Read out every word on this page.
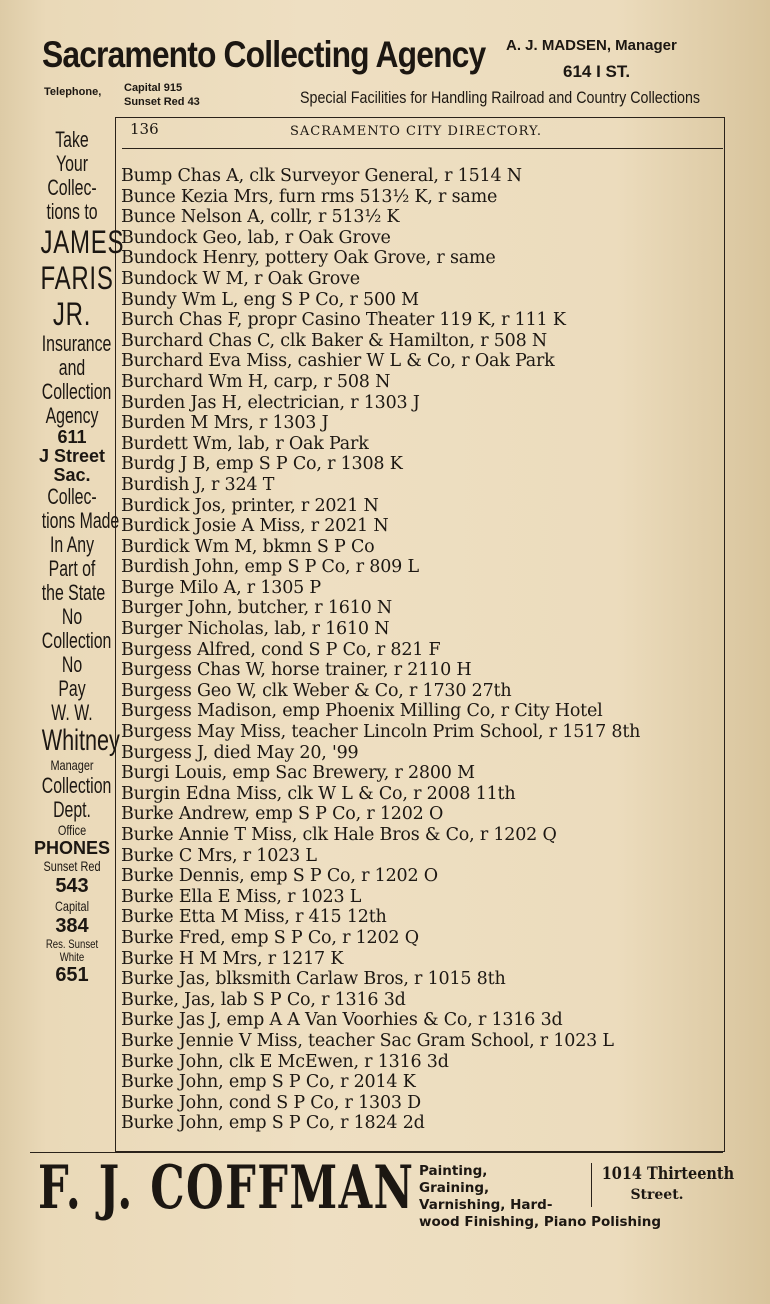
Sacramento Collecting Agency
Telephone, Capital 915
Sunset Red 43
A. J. MADSEN, Manager
614 I ST.
Special Facilities for Handling Railroad and Country Collections
136	SACRAMENTO CITY DIRECTORY.
Bump Chas A, clk Surveyor General, r 1514 N
Bunce Kezia Mrs, furn rms 513½ K, r same
Bunce Nelson A, collr, r 513½ K
Bundock Geo, lab, r Oak Grove
Bundock Henry, pottery Oak Grove, r same
Bundock W M, r Oak Grove
Bundy Wm L, eng S P Co, r 500 M
Burch Chas F, propr Casino Theater 119 K, r 111 K
Burchard Chas C, clk Baker & Hamilton, r 508 N
Burchard Eva Miss, cashier W L & Co, r Oak Park
Burchard Wm H, carp, r 508 N
Burden Jas H, electrician, r 1303 J
Burden M Mrs, r 1303 J
Burdett Wm, lab, r Oak Park
Burdg J B, emp S P Co, r 1308 K
Burdish J, r 324 T
Burdick Jos, printer, r 2021 N
Burdick Josie A Miss, r 2021 N
Burdick Wm M, bkmn S P Co
Burdish John, emp S P Co, r 809 L
Burge Milo A, r 1305 P
Burger John, butcher, r 1610 N
Burger Nicholas, lab, r 1610 N
Burgess Alfred, cond S P Co, r 821 F
Burgess Chas W, horse trainer, r 2110 H
Burgess Geo W, clk Weber & Co, r 1730 27th
Burgess Madison, emp Phoenix Milling Co, r City Hotel
Burgess May Miss, teacher Lincoln Prim School, r 1517 8th
Burgess J, died May 20, '99
Burgi Louis, emp Sac Brewery, r 2800 M
Burgin Edna Miss, clk W L & Co, r 2008 11th
Burke Andrew, emp S P Co, r 1202 O
Burke Annie T Miss, clk Hale Bros & Co, r 1202 Q
Burke C Mrs, r 1023 L
Burke Dennis, emp S P Co, r 1202 O
Burke Ella E Miss, r 1023 L
Burke Etta M Miss, r 415 12th
Burke Fred, emp S P Co, r 1202 Q
Burke H M Mrs, r 1217 K
Burke Jas, blksmith Carlaw Bros, r 1015 8th
Burke, Jas, lab S P Co, r 1316 3d
Burke Jas J, emp A A Van Voorhies & Co, r 1316 3d
Burke Jennie V Miss, teacher Sac Gram School, r 1023 L
Burke John, clk E McEwen, r 1316 3d
Burke John, emp S P Co, r 2014 K
Burke John, cond S P Co, r 1303 D
Burke John, emp S P Co, r 1824 2d
Take
Your
Collec-
tions to
JAMES
FARIS
JR.
Insurance
and
Collection
Agency
611
J Street
Sac.
Collec-
tions Made
In Any
Part of
the State
No
Collection
No
Pay
W. W.
Whitney
Manager
Collection
Dept.
Office
PHONES
Sunset Red
543
Capital
384
Res. Sunset
White
651
F. J. COFFMAN Painting,
Graining,
Varnishing, Hard-
wood Finishing, Piano Polishing
1014 Thirteenth
Street.
